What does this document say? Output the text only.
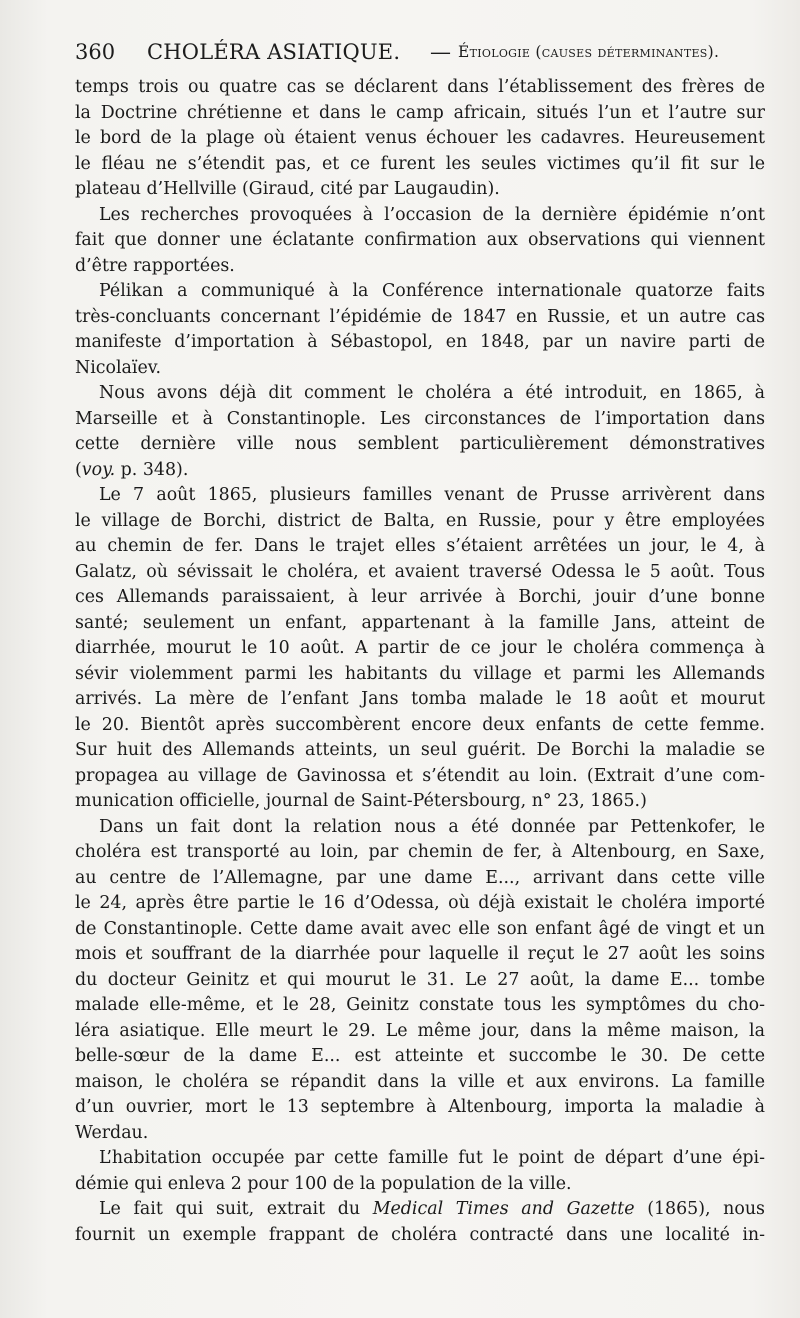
360 CHOLÉRA ASIATIQUE. — Étiologie (causes déterminantes).
temps trois ou quatre cas se déclarent dans l’établissement des frères de
la Doctrine chrétienne et dans le camp africain, situés l’un et l’autre sur
le bord de la plage où étaient venus échouer les cadavres. Heureusement
le fléau ne s’étendit pas, et ce furent les seules victimes qu’il fit sur le
plateau d’Hellville (Giraud, cité par Laugaudin).
Les recherches provoquées à l’occasion de la dernière épidémie n’ont
fait que donner une éclatante confirmation aux observations qui viennent
d’être rapportées.
Pélikan a communiqué à la Conférence internationale quatorze faits
très-concluants concernant l’épidémie de 1847 en Russie, et un autre cas
manifeste d’importation à Sébastopol, en 1848, par un navire parti de
Nicolaïev.
Nous avons déjà dit comment le choléra a été introduit, en 1865, à
Marseille et à Constantinople. Les circonstances de l’importation dans
cette dernière ville nous semblent particulièrement démonstratives
(voy. p. 348).
Le 7 août 1865, plusieurs familles venant de Prusse arrivèrent dans
le village de Borchi, district de Balta, en Russie, pour y être employées
au chemin de fer. Dans le trajet elles s’étaient arrêtées un jour, le 4, à
Galatz, où sévissait le choléra, et avaient traversé Odessa le 5 août. Tous
ces Allemands paraissaient, à leur arrivée à Borchi, jouir d’une bonne
santé; seulement un enfant, appartenant à la famille Jans, atteint de
diarrhée, mourut le 10 août. A partir de ce jour le choléra commença à
sévir violemment parmi les habitants du village et parmi les Allemands
arrivés. La mère de l’enfant Jans tomba malade le 18 août et mourut
le 20. Bientôt après succombèrent encore deux enfants de cette femme.
Sur huit des Allemands atteints, un seul guérit. De Borchi la maladie se
propagea au village de Gavinossa et s’étendit au loin. (Extrait d’une com-
munication officielle, journal de Saint-Pétersbourg, n° 23, 1865.)
Dans un fait dont la relation nous a été donnée par Pettenkofer, le
choléra est transporté au loin, par chemin de fer, à Altenbourg, en Saxe,
au centre de l’Allemagne, par une dame E..., arrivant dans cette ville
le 24, après être partie le 16 d’Odessa, où déjà existait le choléra importé
de Constantinople. Cette dame avait avec elle son enfant âgé de vingt et un
mois et souffrant de la diarrhée pour laquelle il reçut le 27 août les soins
du docteur Geinitz et qui mourut le 31. Le 27 août, la dame E... tombe
malade elle-même, et le 28, Geinitz constate tous les symptômes du cho-
léra asiatique. Elle meurt le 29. Le même jour, dans la même maison, la
belle-sœur de la dame E... est atteinte et succombe le 30. De cette
maison, le choléra se répandit dans la ville et aux environs. La famille
d’un ouvrier, mort le 13 septembre à Altenbourg, importa la maladie à
Werdau.
L’habitation occupée par cette famille fut le point de départ d’une épi-
démie qui enleva 2 pour 100 de la population de la ville.
Le fait qui suit, extrait du Medical Times and Gazette (1865), nous
fournit un exemple frappant de choléra contracté dans une localité in-
